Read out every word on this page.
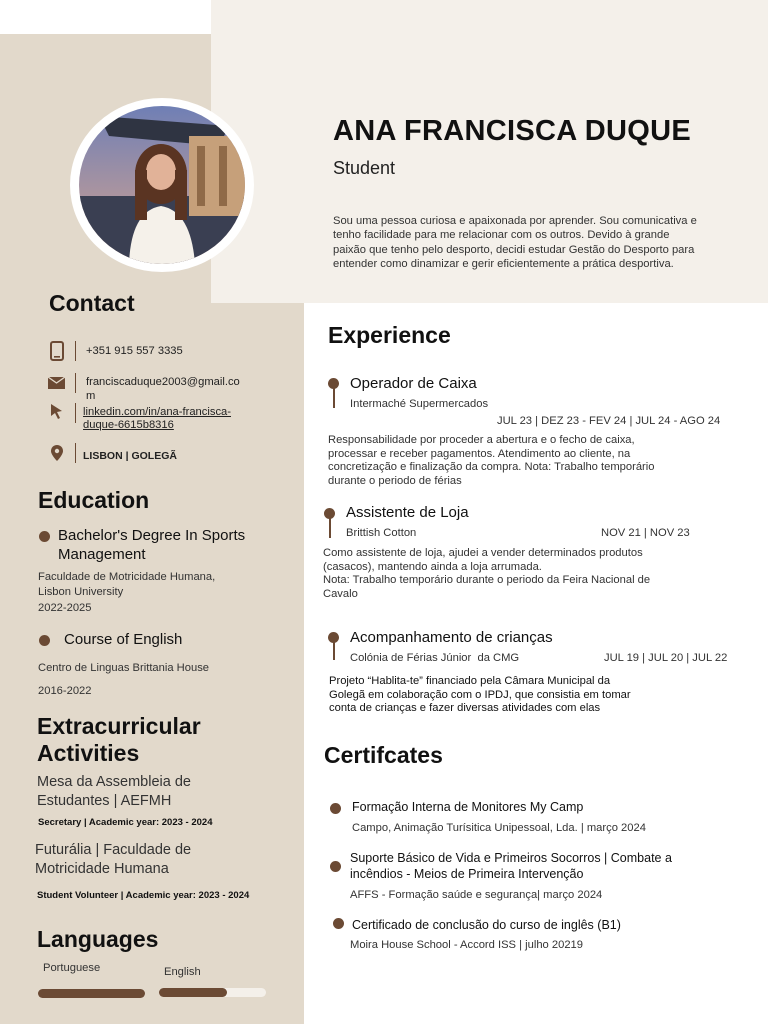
ANA FRANCISCA DUQUE
Student
Sou uma pessoa curiosa e apaixonada por aprender. Sou comunicativa e tenho facilidade para me relacionar com os outros. Devido à grande paixão que tenho pelo desporto, decidi estudar Gestão do Desporto para entender como dinamizar e gerir eficientemente a prática desportiva.
Contact
+351 915 557 3335
franciscaduque2003@gmail.co
m
linkedin.com/in/ana-francisca-
duque-6615b8316
LISBON | GOLEGÃ
Education
Bachelor's Degree In Sports
Management
Faculdade de Motricidade Humana,
Lisbon University
2022-2025
Course of English
Centro de Linguas Brittania House
2016-2022
Extracurricular
Activities
Mesa da Assembleia de
Estudantes | AEFMH
Secretary | Academic year: 2023 - 2024
Futurália | Faculdade de
Motricidade Humana
Student Volunteer | Academic year: 2023 - 2024
Languages
Portuguese	English
Experience
Operador de Caixa
Intermaché Supermercados
JUL 23 | DEZ 23 - FEV 24 | JUL 24 - AGO 24
Responsabilidade por proceder a abertura e o fecho de caixa,
processar e receber pagamentos. Atendimento ao cliente, na
concretização e finalização da compra. Nota: Trabalho temporário
durante o periodo de férias
Assistente de Loja
Brittish Cotton	NOV 21 | NOV 23
Como assistente de loja, ajudei a vender determinados produtos
(casacos), mantendo ainda a loja arrumada.
Nota: Trabalho temporário durante o periodo da Feira Nacional de
Cavalo
Acompanhamento de crianças
Colónia de Férias Júnior  da CMG	JUL 19 | JUL 20 | JUL 22
Projeto “Hablita-te” financiado pela Câmara Municipal da
Golegã em colaboração com o IPDJ, que consistia em tomar
conta de crianças e fazer diversas atividades com elas
Certifcates
Formação Interna de Monitores My Camp
Campo, Animação Turísitica Unipessoal, Lda. | março 2024
Suporte Básico de Vida e Primeiros Socorros | Combate a
incêndios - Meios de Primeira Intervenção
AFFS - Formação saúde e segurança| março 2024
Certificado de conclusão do curso de inglês (B1)
Moira House School - Accord ISS | julho 20219
